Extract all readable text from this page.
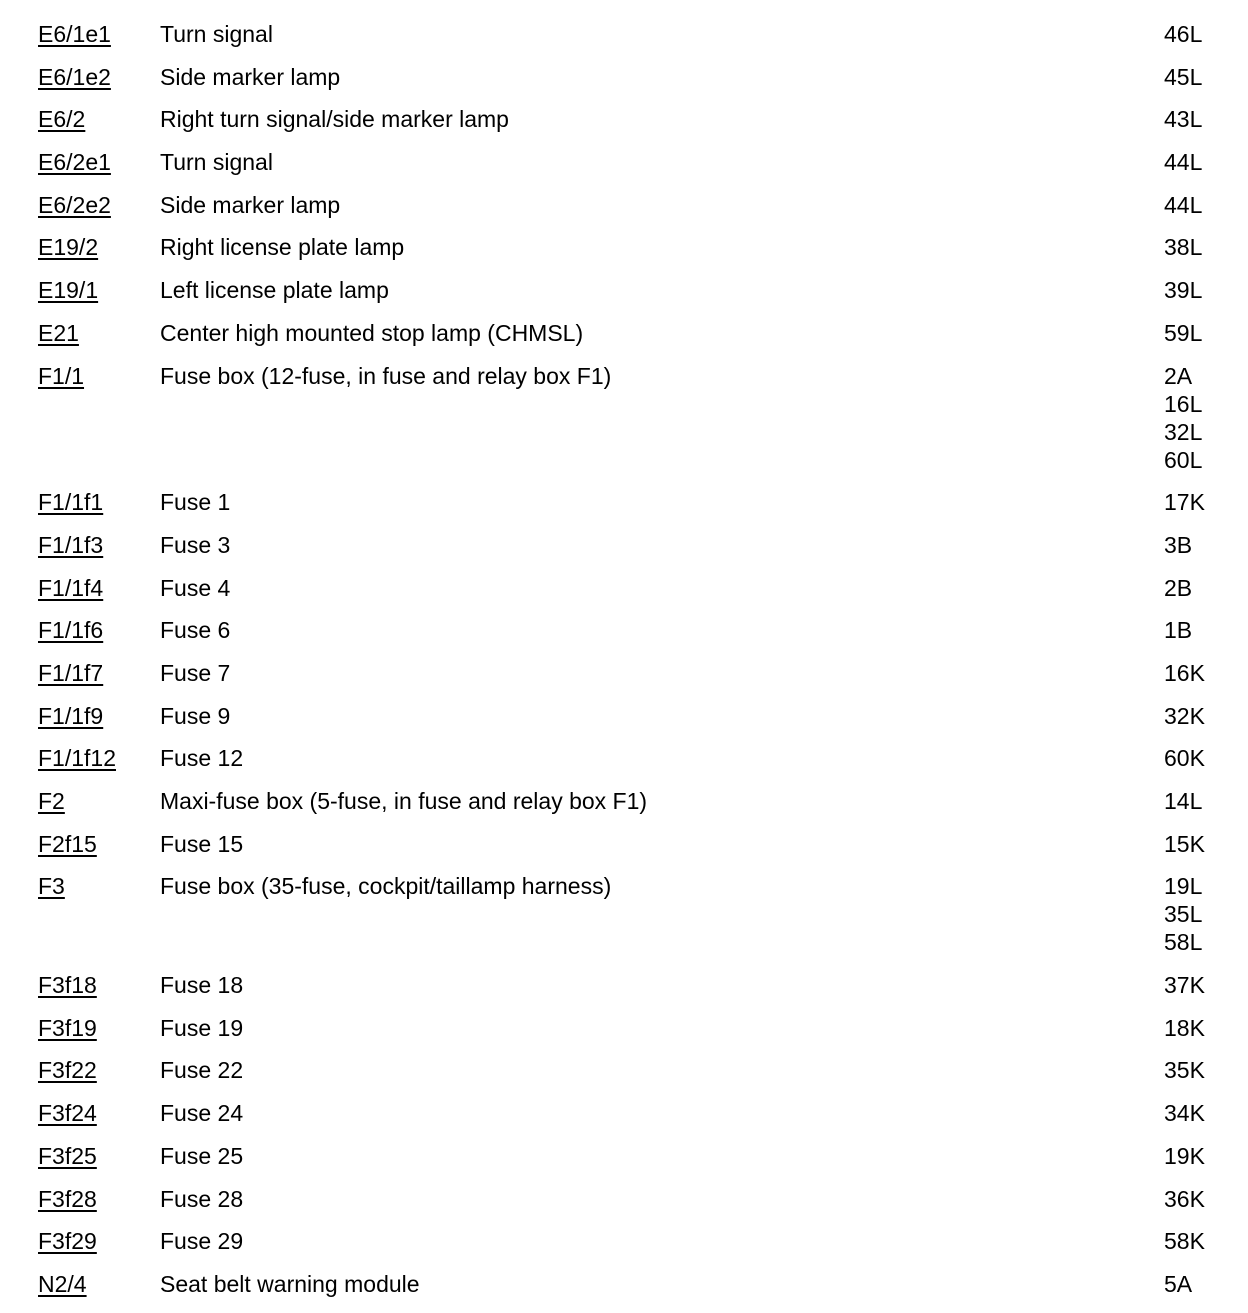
E6/1e1	Turn signal	46L
E6/1e2	Side marker lamp	45L
E6/2	Right turn signal/side marker lamp	43L
E6/2e1	Turn signal	44L
E6/2e2	Side marker lamp	44L
E19/2	Right license plate lamp	38L
E19/1	Left license plate lamp	39L
E21	Center high mounted stop lamp (CHMSL)	59L
F1/1	Fuse box (12-fuse, in fuse and relay box F1)	2A
16L
32L
60L
F1/1f1	Fuse 1	17K
F1/1f3	Fuse 3	3B
F1/1f4	Fuse 4	2B
F1/1f6	Fuse 6	1B
F1/1f7	Fuse 7	16K
F1/1f9	Fuse 9	32K
F1/1f12	Fuse 12	60K
F2	Maxi-fuse box (5-fuse, in fuse and relay box F1)	14L
F2f15	Fuse 15	15K
F3	Fuse box (35-fuse, cockpit/taillamp harness)	19L
35L
58L
F3f18	Fuse 18	37K
F3f19	Fuse 19	18K
F3f22	Fuse 22	35K
F3f24	Fuse 24	34K
F3f25	Fuse 25	19K
F3f28	Fuse 28	36K
F3f29	Fuse 29	58K
N2/4	Seat belt warning module	5A
